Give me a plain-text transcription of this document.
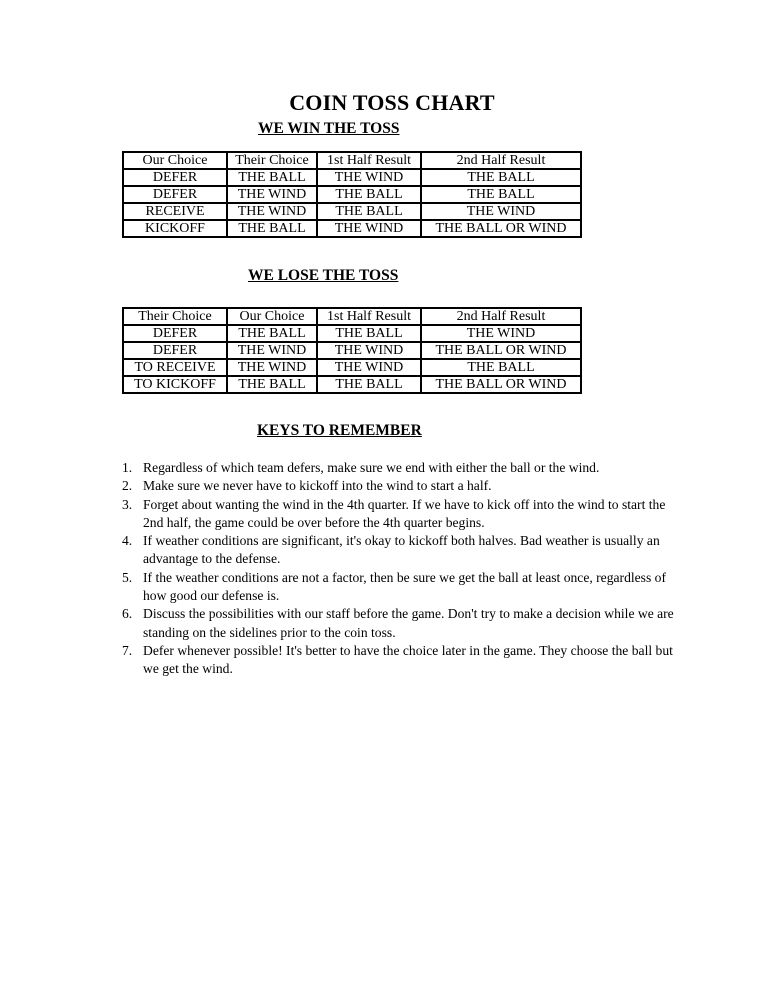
COIN TOSS CHART
WE WIN THE TOSS
Our Choice	Their Choice	1st Half Result	2nd Half Result
DEFER	THE BALL	THE WIND	THE BALL
DEFER	THE WIND	THE BALL	THE BALL
RECEIVE	THE WIND	THE BALL	THE WIND
KICKOFF	THE BALL	THE WIND	THE BALL OR WIND
WE LOSE THE TOSS
Their Choice	Our Choice	1st Half Result	2nd Half Result
DEFER	THE BALL	THE BALL	THE WIND
DEFER	THE WIND	THE WIND	THE BALL OR WIND
TO RECEIVE	THE WIND	THE WIND	THE BALL
TO KICKOFF	THE BALL	THE BALL	THE BALL OR WIND
KEYS TO REMEMBER
1. Regardless of which team defers, make sure we end with either the ball or the wind.
2. Make sure we never have to kickoff into the wind to start a half.
3. Forget about wanting the wind in the 4th quarter. If we have to kick off into the wind to start the 2nd half, the game could be over before the 4th quarter begins.
4. If weather conditions are significant, it's okay to kickoff both halves. Bad weather is usually an advantage to the defense.
5. If the weather conditions are not a factor, then be sure we get the ball at least once, regardless of how good our defense is.
6. Discuss the possibilities with our staff before the game. Don't try to make a decision while we are standing on the sidelines prior to the coin toss.
7. Defer whenever possible! It's better to have the choice later in the game. They choose the ball but we get the wind.
